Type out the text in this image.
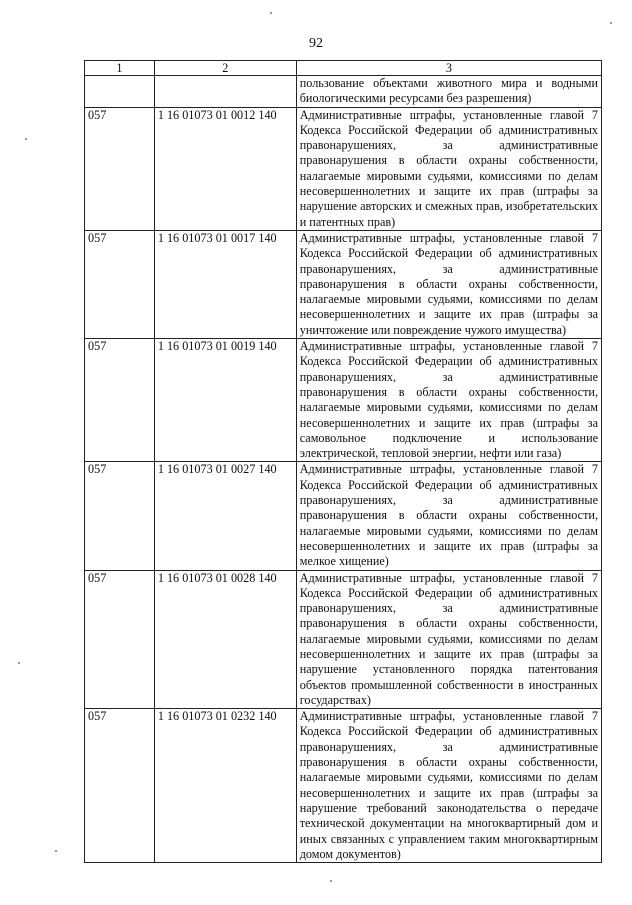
92
1	2	3
		пользование объектами животного мира и водными биологическими ресурсами без разрешения)
057	1 16 01073 01 0012 140	Административные штрафы, установленные главой 7 Кодекса Российской Федерации об административных правонарушениях, за административные правонарушения в области охраны собственности, налагаемые мировыми судьями, комиссиями по делам несовершеннолетних и защите их прав (штрафы за нарушение авторских и смежных прав, изобретательских и патентных прав)
057	1 16 01073 01 0017 140	Административные штрафы, установленные главой 7 Кодекса Российской Федерации об административных правонарушениях, за административные правонарушения в области охраны собственности, налагаемые мировыми судьями, комиссиями по делам несовершеннолетних и защите их прав (штрафы за уничтожение или повреждение чужого имущества)
057	1 16 01073 01 0019 140	Административные штрафы, установленные главой 7 Кодекса Российской Федерации об административных правонарушениях, за административные правонарушения в области охраны собственности, налагаемые мировыми судьями, комиссиями по делам несовершеннолетних и защите их прав (штрафы за самовольное подключение и использование электрической, тепловой энергии, нефти или газа)
057	1 16 01073 01 0027 140	Административные штрафы, установленные главой 7 Кодекса Российской Федерации об административных правонарушениях, за административные правонарушения в области охраны собственности, налагаемые мировыми судьями, комиссиями по делам несовершеннолетних и защите их прав (штрафы за мелкое хищение)
057	1 16 01073 01 0028 140	Административные штрафы, установленные главой 7 Кодекса Российской Федерации об административных правонарушениях, за административные правонарушения в области охраны собственности, налагаемые мировыми судьями, комиссиями по делам несовершеннолетних и защите их прав (штрафы за нарушение установленного порядка патентования объектов промышленной собственности в иностранных государствах)
057	1 16 01073 01 0232 140	Административные штрафы, установленные главой 7 Кодекса Российской Федерации об административных правонарушениях, за административные правонарушения в области охраны собственности, налагаемые мировыми судьями, комиссиями по делам несовершеннолетних и защите их прав (штрафы за нарушение требований законодательства о передаче технической документации на многоквартирный дом и иных связанных с управлением таким многоквартирным домом документов)
